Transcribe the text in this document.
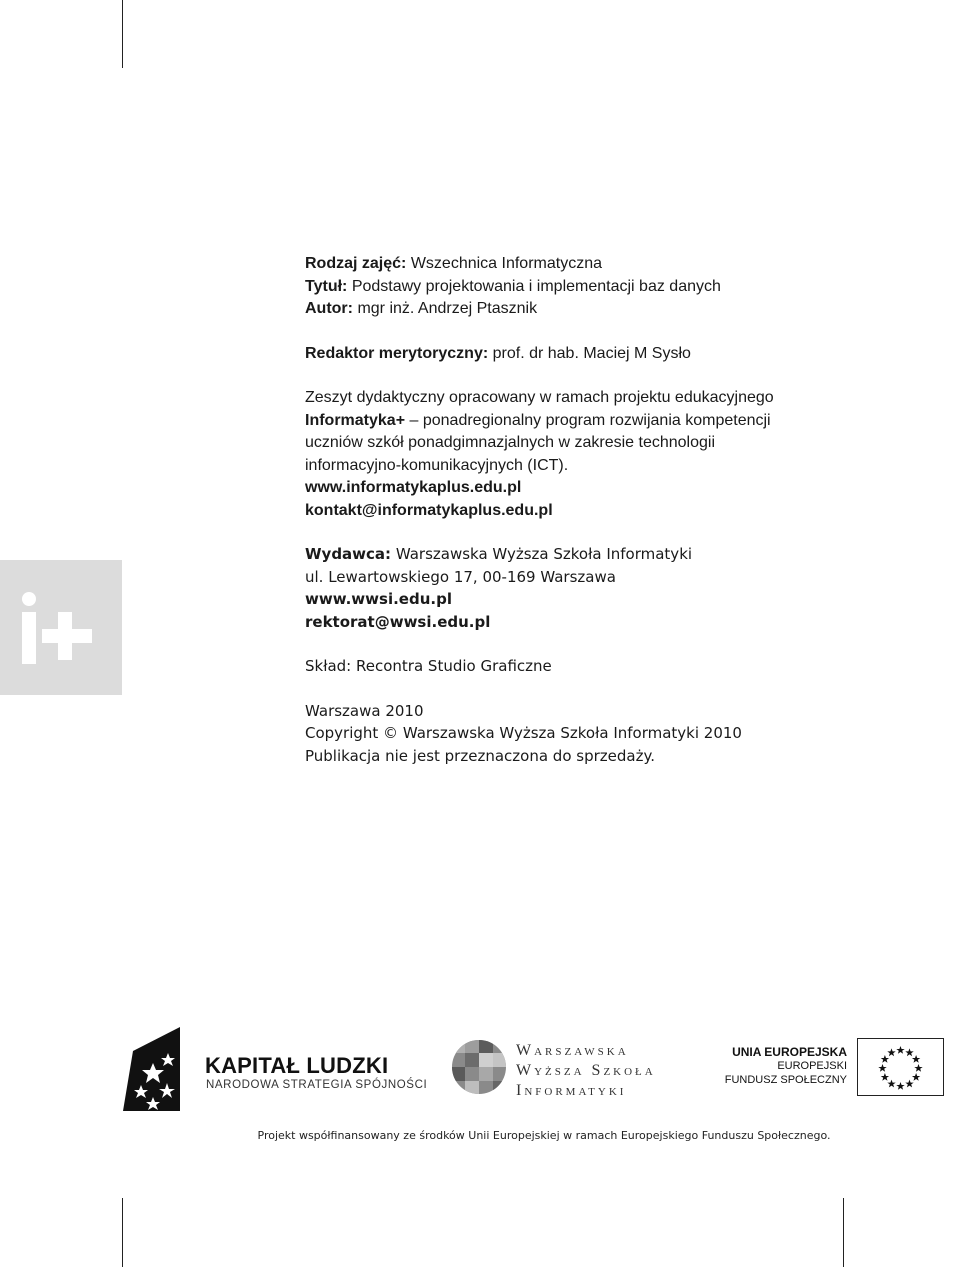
Rodzaj zajęć: Wszechnica Informatyczna

Tytuł: Podstawy projektowania i implementacji baz danych

Autor: mgr inż. Andrzej Ptasznik

Redaktor merytoryczny: prof. dr hab. Maciej M Sysło

Zeszyt dydaktyczny opracowany w ramach projektu edukacyjnego

Informatyka+ – ponadregionalny program rozwijania kompetencji

uczniów szkół ponadgimnazjalnych w zakresie technologii

informacyjno-komunikacyjnych (ICT).

www.informatykaplus.edu.pl

kontakt@informatykaplus.edu.pl

Wydawca: Warszawska Wyższa Szkoła Informatyki

ul. Lewartowskiego 17, 00-169 Warszawa

www.wwsi.edu.pl

rektorat@wwsi.edu.pl

Skład: Recontra Studio Graficzne

Warszawa 2010

Copyright © Warszawska Wyższa Szkoła Informatyki 2010

Publikacja nie jest przeznaczona do sprzedaży.

KAPITAŁ LUDZKI
NARODOWA STRATEGIA SPÓJNOŚCI
Warszawska
Wyższa Szkoła
Informatyki
UNIA EUROPEJSKA
EUROPEJSKI
FUNDUSZ SPOŁECZNY
Projekt współfinansowany ze środków Unii Europejskiej w ramach Europejskiego Funduszu Społecznego.
